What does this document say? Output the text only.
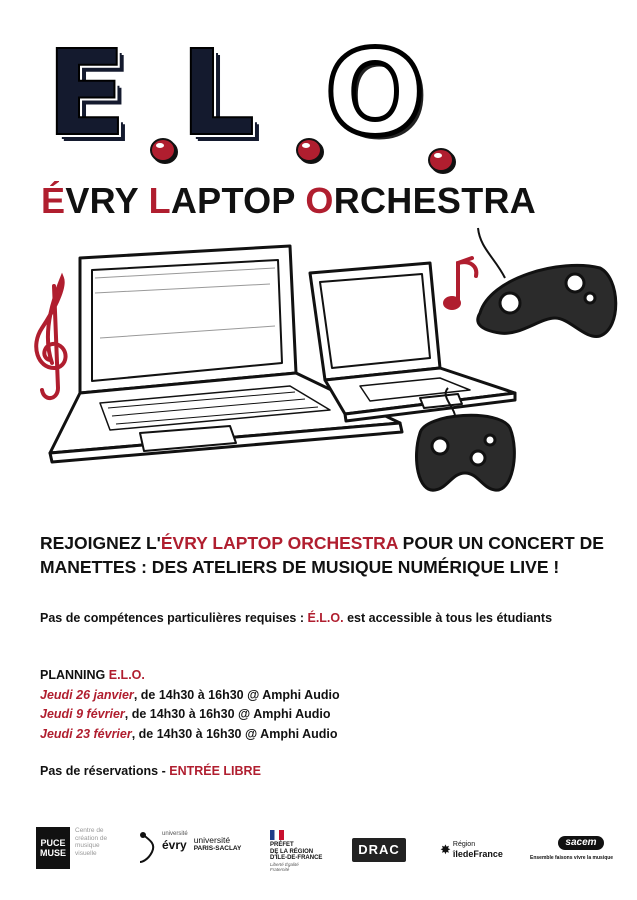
E L O
ÉVRY LAPTOP ORCHESTRA
REJOIGNEZ L'ÉVRY LAPTOP ORCHESTRA POUR UN CONCERT DE MANETTES : DES ATELIERS DE MUSIQUE NUMÉRIQUE LIVE !
Pas de compétences particulières requises : É.L.O. est accessible à tous les étudiants
PLANNING E.L.O.
Jeudi 26 janvier, de 14h30 à 16h30 @ Amphi Audio
Jeudi 9 février, de 14h30 à 16h30 @ Amphi Audio
Jeudi 23 février, de 14h30 à 16h30 @ Amphi Audio
Pas de réservations - ENTRÉE LIBRE
PUCE
MUSE
Centre de création de musique visuelle
université
évry université
PARIS-SACLAY	PRÉFET
DE LA RÉGION
D'ÎLE-DE-FRANCE
Liberté Égalité Fraternité
DRAC	✸ Région
îledeFrance
sacem
Ensemble faisons vivre la musique
